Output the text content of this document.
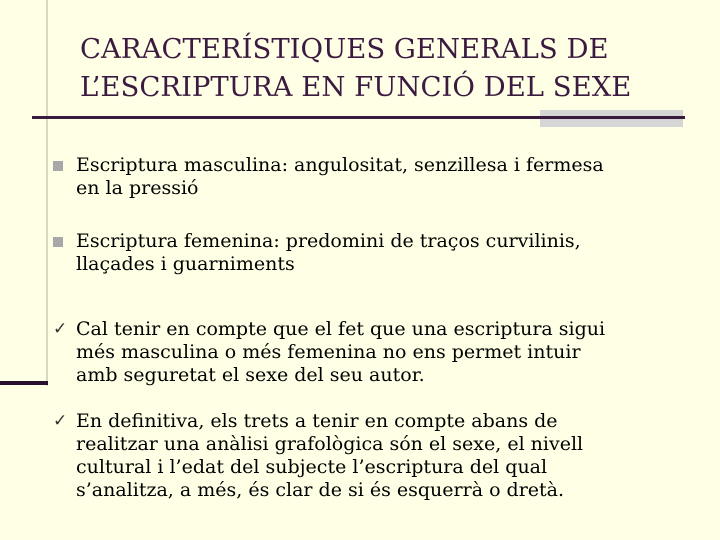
CARACTERÍSTIQUES GENERALS DE
L’ESCRIPTURA EN FUNCIÓ DEL SEXE
Escriptura masculina: angulositat, senzillesa i fermesa
en la pressió
Escriptura femenina: predomini de traços curvilinis,
llaçades i guarniments
✓ Cal tenir en compte que el fet que una escriptura sigui
més masculina o més femenina no ens permet intuir
amb seguretat el sexe del seu autor.
✓ En definitiva, els trets a tenir en compte abans de
realitzar una anàlisi grafològica són el sexe, el nivell
cultural i l’edat del subjecte l’escriptura del qual
s’analitza, a més, és clar de si és esquerrà o dretà.
